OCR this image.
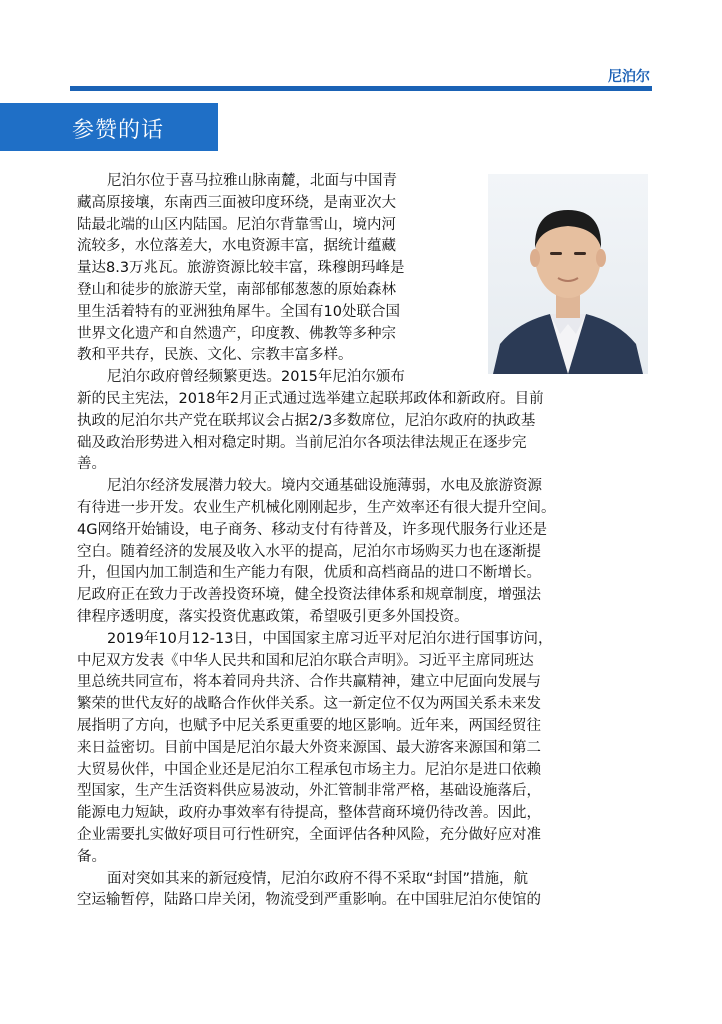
尼泊尔
参赞的话
尼泊尔位于喜马拉雅山脉南麓，北面与中国青
藏高原接壤，东南西三面被印度环绕，是南亚次大
陆最北端的山区内陆国。尼泊尔背靠雪山，境内河
流较多，水位落差大，水电资源丰富，据统计蕴藏
量达8.3万兆瓦。旅游资源比较丰富，珠穆朗玛峰是
登山和徒步的旅游天堂，南部郁郁葱葱的原始森林
里生活着特有的亚洲独角犀牛。全国有10处联合国
世界文化遗产和自然遗产，印度教、佛教等多种宗
教和平共存，民族、文化、宗教丰富多样。
尼泊尔政府曾经频繁更迭。2015年尼泊尔颁布
新的民主宪法，2018年2月正式通过选举建立起联邦政体和新政府。目前
执政的尼泊尔共产党在联邦议会占据2/3多数席位，尼泊尔政府的执政基
础及政治形势进入相对稳定时期。当前尼泊尔各项法律法规正在逐步完
善。
尼泊尔经济发展潜力较大。境内交通基础设施薄弱，水电及旅游资源
有待进一步开发。农业生产机械化刚刚起步，生产效率还有很大提升空间。
4G网络开始铺设，电子商务、移动支付有待普及，许多现代服务行业还是
空白。随着经济的发展及收入水平的提高，尼泊尔市场购买力也在逐渐提
升，但国内加工制造和生产能力有限，优质和高档商品的进口不断增长。
尼政府正在致力于改善投资环境，健全投资法律体系和规章制度，增强法
律程序透明度，落实投资优惠政策，希望吸引更多外国投资。
2019年10月12-13日，中国国家主席习近平对尼泊尔进行国事访问，
中尼双方发表《中华人民共和国和尼泊尔联合声明》。习近平主席同班达
里总统共同宣布，将本着同舟共济、合作共赢精神，建立中尼面向发展与
繁荣的世代友好的战略合作伙伴关系。这一新定位不仅为两国关系未来发
展指明了方向，也赋予中尼关系更重要的地区影响。近年来，两国经贸往
来日益密切。目前中国是尼泊尔最大外资来源国、最大游客来源国和第二
大贸易伙伴，中国企业还是尼泊尔工程承包市场主力。尼泊尔是进口依赖
型国家，生产生活资料供应易波动，外汇管制非常严格，基础设施落后，
能源电力短缺，政府办事效率有待提高，整体营商环境仍待改善。因此，
企业需要扎实做好项目可行性研究，全面评估各种风险，充分做好应对准
备。
面对突如其来的新冠疫情，尼泊尔政府不得不采取“封国”措施，航
空运输暂停，陆路口岸关闭，物流受到严重影响。在中国驻尼泊尔使馆的
